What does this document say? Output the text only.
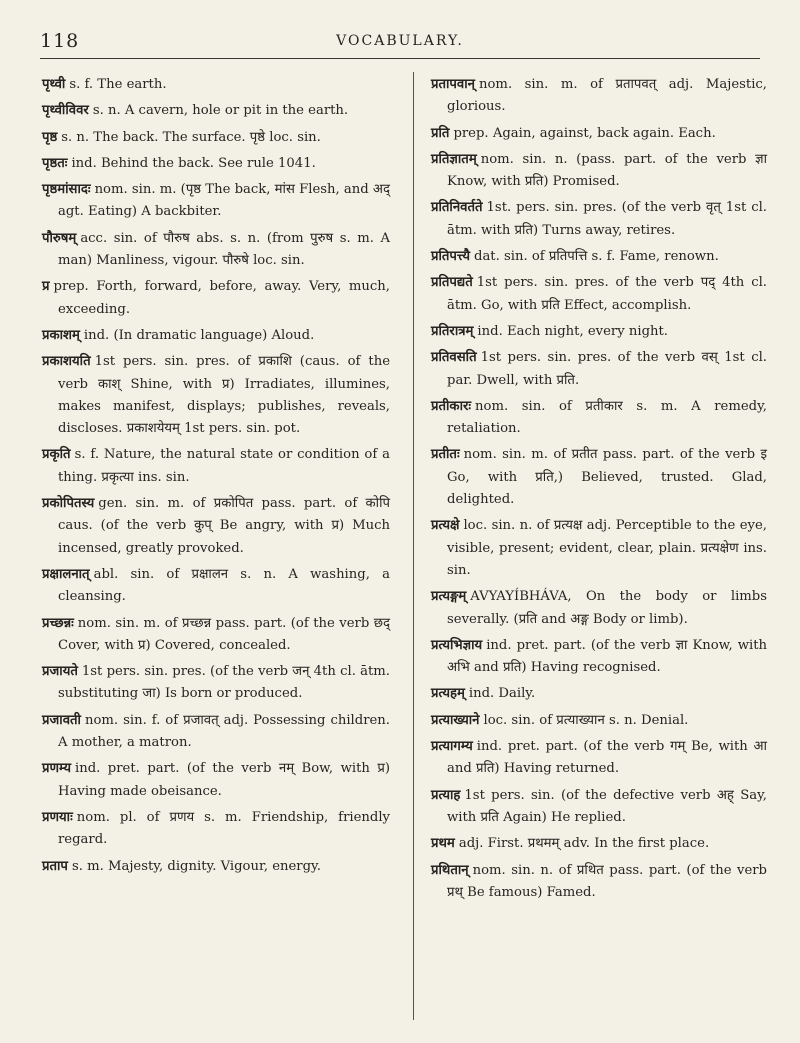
118	VOCABULARY.

पृथ्वी s. f. The earth.

पृथ्वीविवर s. n. A cavern, hole or pit in the earth.

पृष्ठ s. n. The back. The surface. पृष्ठे loc. sin.

पृष्ठतः ind. Behind the back. See rule 1041.

पृष्ठमांसादः nom. sin. m. (पृष्ठ The back, मांस Flesh, and अद् agt. Eating) A backbiter.

पौरुषम् acc. sin. of पौरुष abs. s. n. (from पुरुष s. m. A man) Manliness, vigour. पौरुषे loc. sin.

प्र prep. Forth, forward, before, away. Very, much, exceeding.

प्रकाशम् ind. (In dramatic language) Aloud.

प्रकाशयति 1st pers. sin. pres. of प्रकाशि (caus. of the verb काश् Shine, with प्र) Irradiates, illumines, makes manifest, displays; publishes, reveals, discloses. प्रकाशयेयम् 1st pers. sin. pot.

प्रकृति s. f. Nature, the natural state or condition of a thing. प्रकृत्या ins. sin.

प्रकोपितस्य gen. sin. m. of प्रकोपित pass. part. of कोपि caus. (of the verb कुप् Be angry, with प्र) Much incensed, greatly provoked.

प्रक्षालनात् abl. sin. of प्रक्षालन s. n. A washing, a cleansing.

प्रच्छन्नः nom. sin. m. of प्रच्छन्न pass. part. (of the verb छद् Cover, with प्र) Covered, concealed.

प्रजायते 1st pers. sin. pres. (of the verb जन् 4th cl. ātm. substituting जा) Is born or produced.

प्रजावती nom. sin. f. of प्रजावत् adj. Possessing children. A mother, a matron.

प्रणम्य ind. pret. part. (of the verb नम् Bow, with प्र) Having made obeisance.

प्रणयाः nom. pl. of प्रणय s. m. Friendship, friendly regard.

प्रताप s. m. Majesty, dignity. Vigour, energy.

प्रतापवान् nom. sin. m. of प्रतापवत् adj. Majestic, glorious.

प्रति prep. Again, against, back again. Each.

प्रतिज्ञातम् nom. sin. n. (pass. part. of the verb ज्ञा Know, with प्रति) Promised.

प्रतिनिवर्तते 1st. pers. sin. pres. (of the verb वृत् 1st cl. ātm. with प्रति) Turns away, retires.

प्रतिपत्त्यै dat. sin. of प्रतिपत्ति s. f. Fame, renown.

प्रतिपद्यते 1st pers. sin. pres. of the verb पद् 4th cl. ātm. Go, with प्रति Effect, accomplish.

प्रतिरात्रम् ind. Each night, every night.

प्रतिवसति 1st pers. sin. pres. of the verb वस् 1st cl. par. Dwell, with प्रति.

प्रतीकारः nom. sin. of प्रतीकार s. m. A remedy, retaliation.

प्रतीतः nom. sin. m. of प्रतीत pass. part. of the verb इ Go, with प्रति,) Believed, trusted. Glad, delighted.

प्रत्यक्षे loc. sin. n. of प्रत्यक्ष adj. Perceptible to the eye, visible, present; evident, clear, plain. प्रत्यक्षेण ins. sin.

प्रत्यङ्गम् AVYAYÍBHÁVA, On the body or limbs severally. (प्रति and अङ्ग Body or limb).

प्रत्यभिज्ञाय ind. pret. part. (of the verb ज्ञा Know, with अभि and प्रति) Having recognised.

प्रत्यहम् ind. Daily.

प्रत्याख्याने loc. sin. of प्रत्याख्यान s. n. Denial.

प्रत्यागम्य ind. pret. part. (of the verb गम् Be, with आ and प्रति) Having returned.

प्रत्याह 1st pers. sin. (of the defective verb अह् Say, with प्रति Again) He replied.

प्रथम adj. First. प्रथमम् adv. In the first place.

प्रथितान् nom. sin. n. of प्रथित pass. part. (of the verb प्रथ् Be famous) Famed.
